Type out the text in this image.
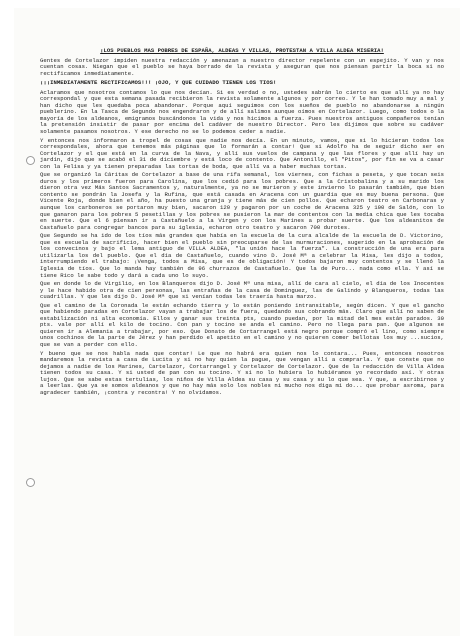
¡LOS PUEBLOS MAS POBRES DE ESPAÑA, ALDEAS Y VILLAS, PROTESTAN A VILLA ALDEA MISERIA!

Gentes de Cortelazor impiden nuestra redacción y amenazan a nuestro director repelente con un espejito. Y van y nos cuentan cosas. Niegan que el pueblo se haya borrado de la revista y aseguran que nos piensan partir la boca si no rectificamos inmediatamente.

¡¡¡INMEDIATAMENTE RECTIFICAMOS!!! ¡OJO, Y QUE CUIDADO TIENEN LOS TIOS!

Aclaramos que nosotros contamos lo que nos decían. Si es verdad o no, ustedes sabrán lo cierto es que allí ya no hay correspondal y que esta semana pasada recibieron la revista solamente algunos y por correo. Y le han tomado muy a mal y han dicho que les quedaba poca abandonar. Porque aquí seguimos con los sueños de pueblo no abandonarse a ningún pueblerino. En la Tasca de Segundo nos engendraron y de allí salimos aunque oímos en Cortelazor. Luego, como todos o la mayoría de los aldeanos, emigramos buscándonos la vida y nos hicimos a fuerza. Pues nuestros antiguos compañeros tenían la pretensión insistir de pasar por encima del cadáver de nuestro Director. Pero les dijimos que sobre su cadáver solamente pasamos nosotros. Y ese derecho no se lo podemos ceder a nadie.

Y entonces nos informaron a tropel de cosas que nadie nos decía. En un minuto, vamos, que si lo hicieran todos los correspondales, ahora que tenemos más páginas que lo formarán a contar! Que si Adolfo ha de seguir dicho ser en Cortelazor y el que está en la curva de la Nava, y allí sus vuelos de campana y que las flores y que allí hay un jardín, dijo que se acabó el 31 de diciembre y está loco de contento. Que Antonillo, el "Pitos", por fin se va a casar con la Felisa y ya tienen preparadas las tortas de boda, que allí va a haber muchas tortas.

Que se organizó la Cáritas de Cortelazor a base de una rifa semanal, los viernes, con fichas a peseta, y que tocan seis duros y los primeros fueron para Carolina, que los cedió para los pobres. Que a la Cristobalina y a su marido los dieron otra vez Más Santos Sacramentos y, naturalmente, ya no se murieron y este invierno lo pasarán también, que bien contento se pondrán la Josefa y la Rufina, que está casada en Aracena con un guardia que es muy buena persona. Que Vicente Roja, donde bien el año, ha puesto una granja y tiene más de cien pollos. Que echaron teatro en Carbonaras y aunque los carboneros se portaron muy bien, sacaron 120 y pagaron por un coche de Aracena 325 y 100 de Salón, con lo que ganaron para los pobres 5 pesetillas y los pobres se pusieron la mar de contentos con la media chica que les tocaba en suerte. Que el 6 piensan ir a Castañuelo a la Virgen y con los Marines a probar suerte. Que los aldeanitos de Castañuelo para congregar bancos para su iglesia, echaron otro teatro y sacaron 700 durotes.

Que Segundo se ha ido de los tíos más grandes que había en la escuela de la cura alcalde de la escuela de D. Victorino, que es escuela de sacrificio, hacer bien el pueblo sin preocuparse de las murmuraciones, sugerido en la aprobación de los convecinos y bajo el lema antiguo de VILLA ALDEA, "la unión hace la fuerza". La construcción de una era para utilizarla los del pueblo. Que el día de Castañuelo, cuando vino D. José Mª a celebrar la Misa, les dijo a todos, interrumpiendo el trabajo: ¡Venga, todos a Misa, que es de obligación! Y todos bajaron muy contentos y se llenó la Iglesia de tíos. Que lo manda hay también de 96 churrazos de Castañuelo. Que la de Puro... nada como ella. Y así se tiene Rico le sabe todo y dará a cada uno lo suyo.

Que en donde lo de Virgilio, en los Blanqueros dijo D. José Mª una misa, allí de cara al cielo, el día de los Inocentes y le hace habido otra de cien personas, las entrañas de la casa de Domínguez, las de Galindo y Blanqueros, todas las cuadrillas. Y que les dijo D. José Mª que si venían todas les traería hasta marzo.

Que el camino de la Coronada le están echando tierra y lo están poniendo intransitable, según dicen. Y que el gancho que habiendo paradas en Cortelazor vayan a trabajar los de fuera, quedando sus cobrando más. Claro que allí no saben de estabilización ni alta economía. Ellos y ganar sus treinta pts, cuando puedan, por la mitad del mes están parados. 30 pts. vale por allí el kilo de tocino. Con pan y tocino se anda el camino. Pero no llega para pan. Que algunos se quieren ir a Alemania a trabajar, por eso. Que Donato de Cortarrangel está negro porque compró el lino, como siempre unos cochinos de la parte de Jérez y han perdido el apetito en el camino y no quieren comer bellotas los muy ...sucios, que se van a perder con ello.

Y bueno que se nos habla nada que contar! Le que no habrá era quien nos lo contara... Pues, entonces nosotros mandaremos la revista a casa de Lucita y si no hay quien la pague, que vengan allí a comprarla. Y que conste que no dejamos a nadie de los Marines, Cartelazor, Cortarrangel y Cortelazor de Cortelazor. Que de la redacción de Villa Aldea tienen todos su casa. Y si usted de pan con su tocino. Y si no lo hubiera lo hubiéramos yo recordado así. Y otras lujos. Que se sabe estas tertulias, los niños de Villa Aldea su casa y su casa y su lo que sea. Y que, a escribirnos y a leerlas. Que ya se somos aldeanos y que no hay más solo los nobles ni mucho nos diga mi do... que probar asroma, para agradecer también, ¡contra y recontra! Y no olvidamos.
